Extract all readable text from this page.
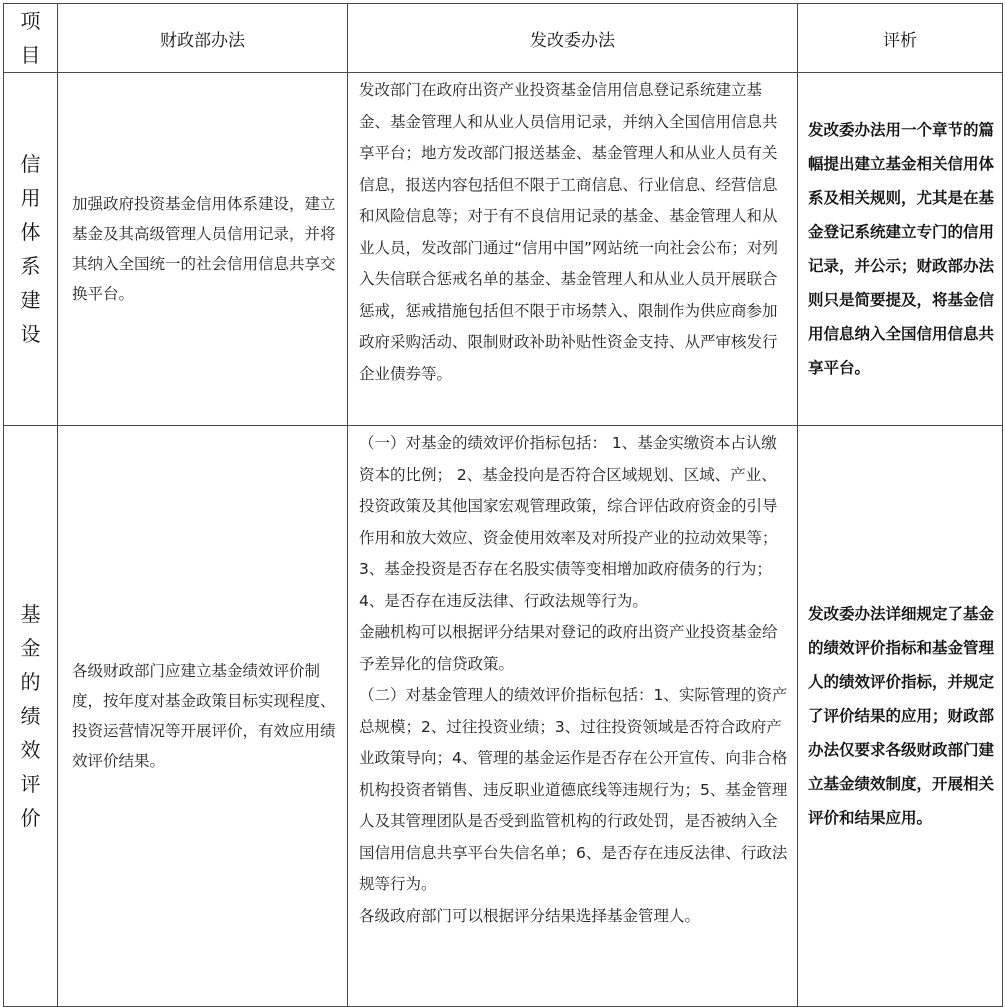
项目	财政部办法	发改委办法	评析
信用体系建设	加强政府投资基金信用体系建设，建立基金及其高级管理人员信用记录，并将其纳入全国统一的社会信用信息共享交换平台。	发改部门在政府出资产业投资基金信用信息登记系统建立基金、基金管理人和从业人员信用记录，并纳入全国信用信息共享平台；地方发改部门报送基金、基金管理人和从业人员有关信息，报送内容包括但不限于工商信息、行业信息、经营信息和风险信息等；对于有不良信用记录的基金、基金管理人和从业人员，发改部门通过“信用中国”网站统一向社会公布；对列入失信联合惩戒名单的基金、基金管理人和从业人员开展联合惩戒，惩戒措施包括但不限于市场禁入、限制作为供应商参加政府采购活动、限制财政补助补贴性资金支持、从严审核发行企业债券等。	发改委办法用一个章节的篇幅提出建立基金相关信用体系及相关规则，尤其是在基金登记系统建立专门的信用记录，并公示；财政部办法则只是简要提及，将基金信用信息纳入全国信用信息共享平台。
基金的绩效评价	各级财政部门应建立基金绩效评价制度，按年度对基金政策目标实现程度、投资运营情况等开展评价，有效应用绩效评价结果。	（一）对基金的绩效评价指标包括： 1、基金实缴资本占认缴资本的比例； 2、基金投向是否符合区域规划、区域、产业、投资政策及其他国家宏观管理政策，综合评估政府资金的引导作用和放大效应、资金使用效率及对所投产业的拉动效果等；3、基金投资是否存在名股实债等变相增加政府债务的行为；4、是否存在违反法律、行政法规等行为。

金融机构可以根据评分结果对登记的政府出资产业投资基金给予差异化的信贷政策。

（二）对基金管理人的绩效评价指标包括：1、实际管理的资产总规模；2、过往投资业绩；3、过往投资领域是否符合政府产业政策导向；4、管理的基金运作是否存在公开宣传、向非合格机构投资者销售、违反职业道德底线等违规行为；5、基金管理人及其管理团队是否受到监管机构的行政处罚，是否被纳入全国信用信息共享平台失信名单；6、是否存在违反法律、行政法规等行为。

各级政府部门可以根据评分结果选择基金管理人。	发改委办法详细规定了基金的绩效评价指标和基金管理人的绩效评价指标，并规定了评价结果的应用；财政部办法仅要求各级财政部门建立基金绩效制度，开展相关评价和结果应用。
